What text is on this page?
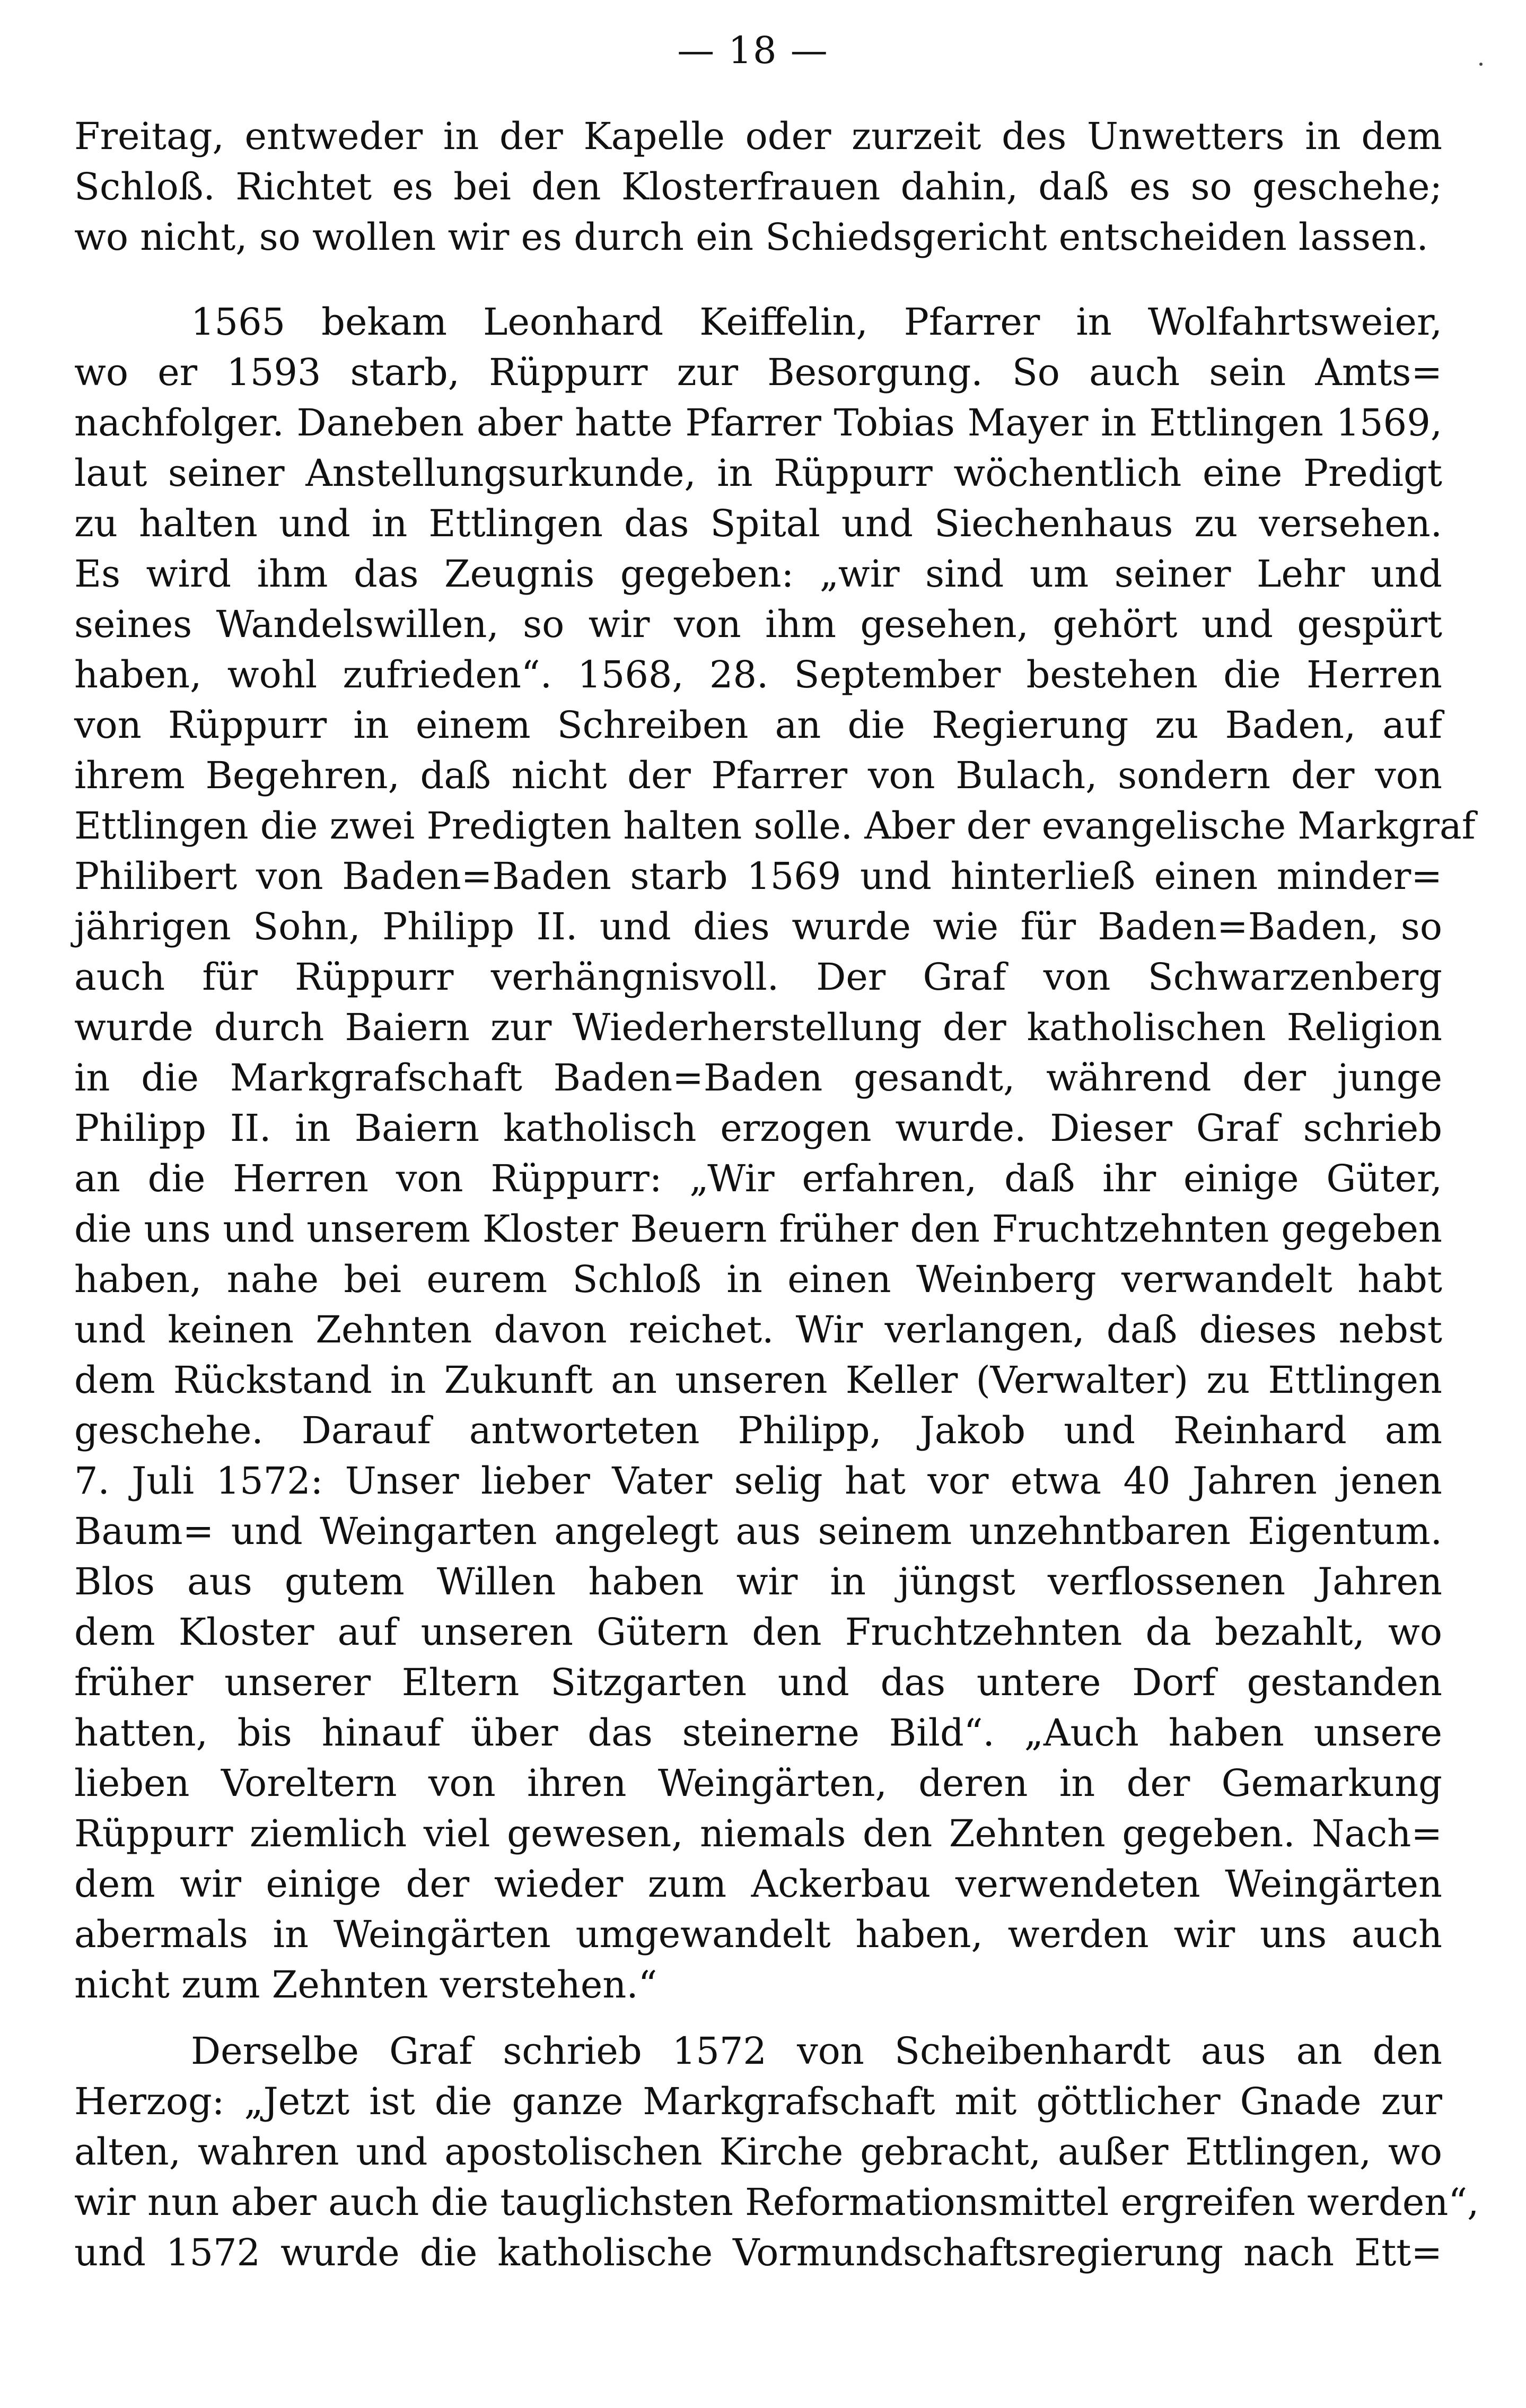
— 18 —
Freitag, entweder in der Kapelle oder zurzeit des Unwetters in dem
Schloß. Richtet es bei den Klosterfrauen dahin, daß es so geschehe;
wo nicht, so wollen wir es durch ein Schiedsgericht entscheiden lassen.
1565 bekam Leonhard Keiffelin, Pfarrer in Wolfahrtsweier,
wo er 1593 starb, Rüppurr zur Besorgung. So auch sein Amts=
nachfolger. Daneben aber hatte Pfarrer Tobias Mayer in Ettlingen 1569,
laut seiner Anstellungsurkunde, in Rüppurr wöchentlich eine Predigt
zu halten und in Ettlingen das Spital und Siechenhaus zu versehen.
Es wird ihm das Zeugnis gegeben: „wir sind um seiner Lehr und
seines Wandelswillen, so wir von ihm gesehen, gehört und gespürt
haben, wohl zufrieden“. 1568, 28. September bestehen die Herren
von Rüppurr in einem Schreiben an die Regierung zu Baden, auf
ihrem Begehren, daß nicht der Pfarrer von Bulach, sondern der von
Ettlingen die zwei Predigten halten solle. Aber der evangelische Markgraf
Philibert von Baden=Baden starb 1569 und hinterließ einen minder=
jährigen Sohn, Philipp II. und dies wurde wie für Baden=Baden, so
auch für Rüppurr verhängnisvoll. Der Graf von Schwarzenberg
wurde durch Baiern zur Wiederherstellung der katholischen Religion
in die Markgrafschaft Baden=Baden gesandt, während der junge
Philipp II. in Baiern katholisch erzogen wurde. Dieser Graf schrieb
an die Herren von Rüppurr: „Wir erfahren, daß ihr einige Güter,
die uns und unserem Kloster Beuern früher den Fruchtzehnten gegeben
haben, nahe bei eurem Schloß in einen Weinberg verwandelt habt
und keinen Zehnten davon reichet. Wir verlangen, daß dieses nebst
dem Rückstand in Zukunft an unseren Keller (Verwalter) zu Ettlingen
geschehe. Darauf antworteten Philipp, Jakob und Reinhard am
7. Juli 1572: Unser lieber Vater selig hat vor etwa 40 Jahren jenen
Baum= und Weingarten angelegt aus seinem unzehntbaren Eigentum.
Blos aus gutem Willen haben wir in jüngst verflossenen Jahren
dem Kloster auf unseren Gütern den Fruchtzehnten da bezahlt, wo
früher unserer Eltern Sitzgarten und das untere Dorf gestanden
hatten, bis hinauf über das steinerne Bild“. „Auch haben unsere
lieben Voreltern von ihren Weingärten, deren in der Gemarkung
Rüppurr ziemlich viel gewesen, niemals den Zehnten gegeben. Nach=
dem wir einige der wieder zum Ackerbau verwendeten Weingärten
abermals in Weingärten umgewandelt haben, werden wir uns auch
nicht zum Zehnten verstehen.“
Derselbe Graf schrieb 1572 von Scheibenhardt aus an den
Herzog: „Jetzt ist die ganze Markgrafschaft mit göttlicher Gnade zur
alten, wahren und apostolischen Kirche gebracht, außer Ettlingen, wo
wir nun aber auch die tauglichsten Reformationsmittel ergreifen werden“,
und 1572 wurde die katholische Vormundschaftsregierung nach Ett=
